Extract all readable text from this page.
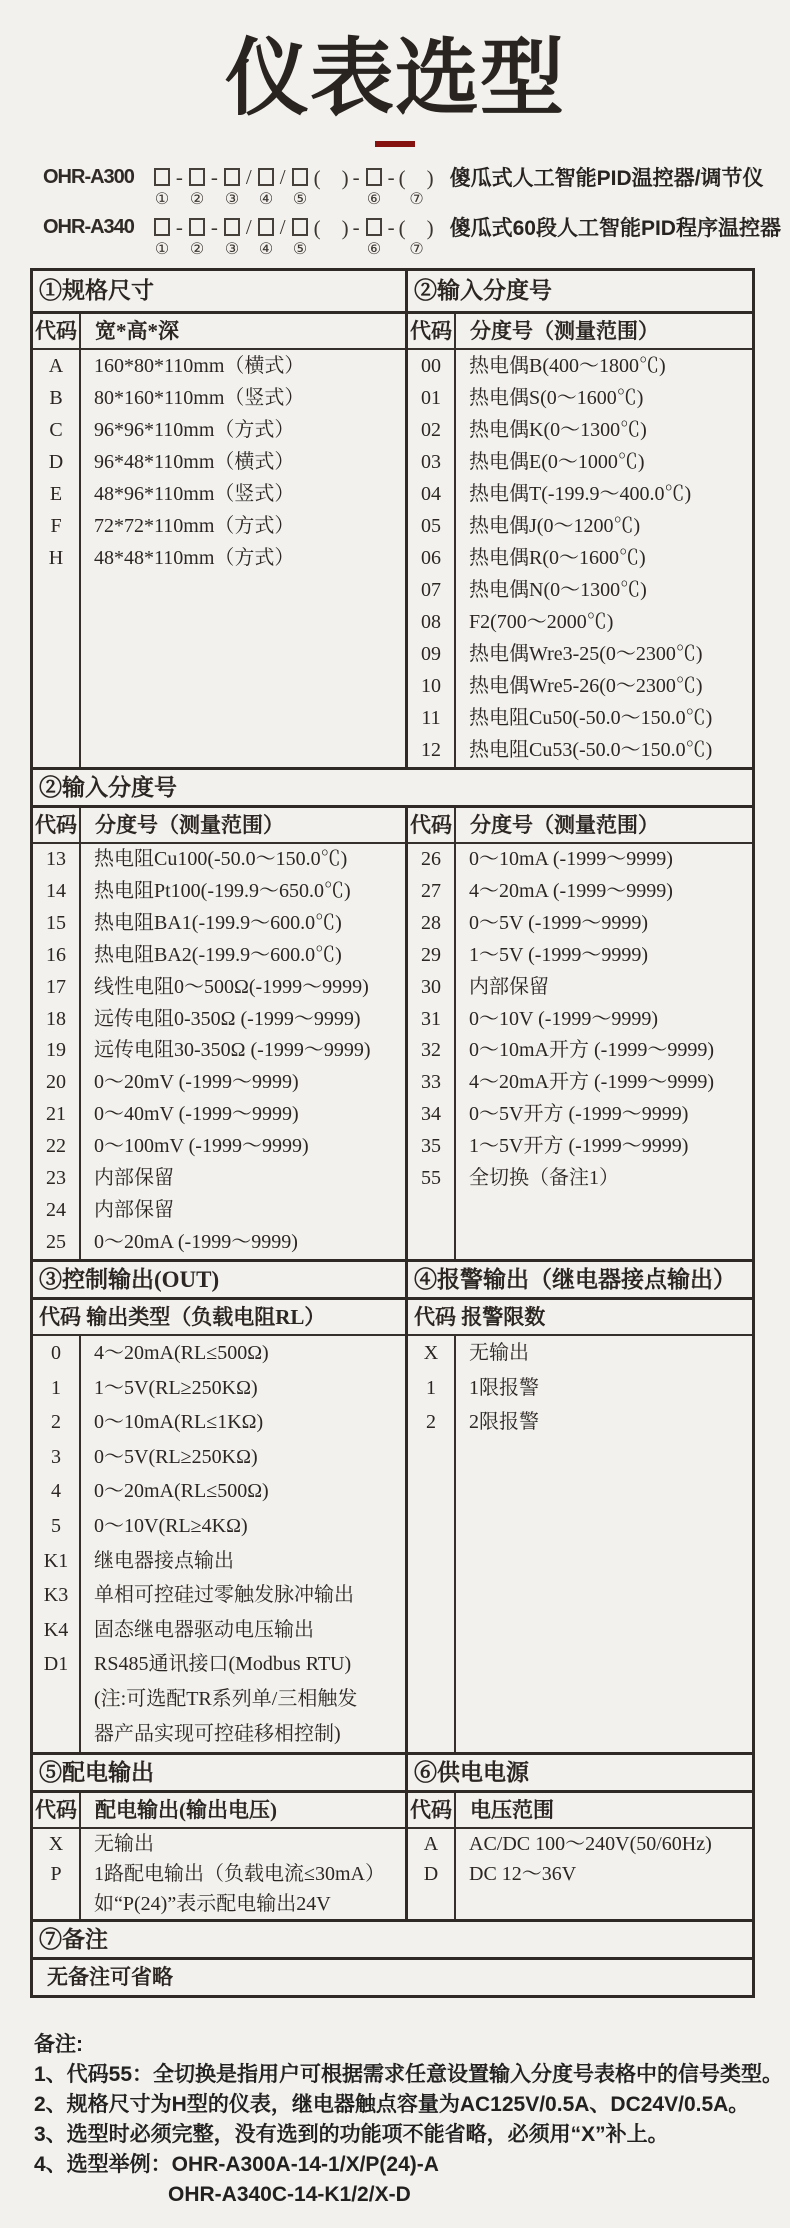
仪表选型
OHR-A300 - - / / (　) - - (　) 傻瓜式人工智能PID温控器/调节仪
① ② ③ ④ ⑤	⑥ ⑦
OHR-A340 - - / / (　) - - (　) 傻瓜式60段人工智能PID程序温控器
① ② ③ ④ ⑤	⑥ ⑦
①规格尺寸
代码 宽*高*深
A
B
C
D
E
F
H
160*80*110mm（横式）
80*160*110mm（竖式）
96*96*110mm（方式）
96*48*110mm（横式）
48*96*110mm（竖式）
72*72*110mm（方式）
48*48*110mm（方式）
②输入分度号
代码 分度号（测量范围）
00
01
02
03
04
05
06
07
08
09
10
11
12
热电偶B(400～1800℃)
热电偶S(0～1600℃)
热电偶K(0～1300℃)
热电偶E(0～1000℃)
热电偶T(-199.9～400.0℃)
热电偶J(0～1200℃)
热电偶R(0～1600℃)
热电偶N(0～1300℃)
F2(700～2000℃)
热电偶Wre3-25(0～2300℃)
热电偶Wre5-26(0～2300℃)
热电阻Cu50(-50.0～150.0℃)
热电阻Cu53(-50.0～150.0℃)
②输入分度号
代码 分度号（测量范围）
13
14
15
16
17
18
19
20
21
22
23
24
25
热电阻Cu100(-50.0～150.0℃)
热电阻Pt100(-199.9～650.0℃)
热电阻BA1(-199.9～600.0℃)
热电阻BA2(-199.9～600.0℃)
线性电阻0～500Ω(-1999～9999)
远传电阻0-350Ω (-1999～9999)
远传电阻30-350Ω (-1999～9999)
0～20mV (-1999～9999)
0～40mV (-1999～9999)
0～100mV (-1999～9999)
内部保留
内部保留
0～20mA (-1999～9999)
代码 分度号（测量范围）
26
27
28
29
30
31
32
33
34
35
55
0～10mA (-1999～9999)
4～20mA (-1999～9999)
0～5V (-1999～9999)
1～5V (-1999～9999)
内部保留
0～10V (-1999～9999)
0～10mA开方 (-1999～9999)
4～20mA开方 (-1999～9999)
0～5V开方 (-1999～9999)
1～5V开方 (-1999～9999)
全切换（备注1）
③控制输出(OUT)
代码 输出类型（负载电阻RL）
0
1
2
3
4
5
K1
K3
K4
D1

4～20mA(RL≤500Ω)
1～5V(RL≥250KΩ)
0～10mA(RL≤1KΩ)
0～5V(RL≥250KΩ)
0～20mA(RL≤500Ω)
0～10V(RL≥4KΩ)
继电器接点输出
单相可控硅过零触发脉冲输出
固态继电器驱动电压输出
RS485通讯接口(Modbus RTU)
(注:可选配TR系列单/三相触发
器产品实现可控硅移相控制)
④报警输出（继电器接点输出）
代码 报警限数
X
1
2
无输出
1限报警
2限报警
⑤配电输出
代码 配电输出(输出电压)
X
P

无输出
1路配电输出（负载电流≤30mA）
如“P(24)”表示配电输出24V
⑥供电电源
代码 电压范围
A
D
AC/DC 100～240V(50/60Hz)
DC 12～36V
⑦备注
无备注可省略
备注:
1、代码55：全切换是指用户可根据需求任意设置输入分度号表格中的信号类型。
2、规格尺寸为H型的仪表，继电器触点容量为AC125V/0.5A、DC24V/0.5A。
3、选型时必须完整，没有选到的功能项不能省略，必须用“X”补上。
4、选型举例：OHR-A300A-14-1/X/P(24)-A
OHR-A340C-14-K1/2/X-D
